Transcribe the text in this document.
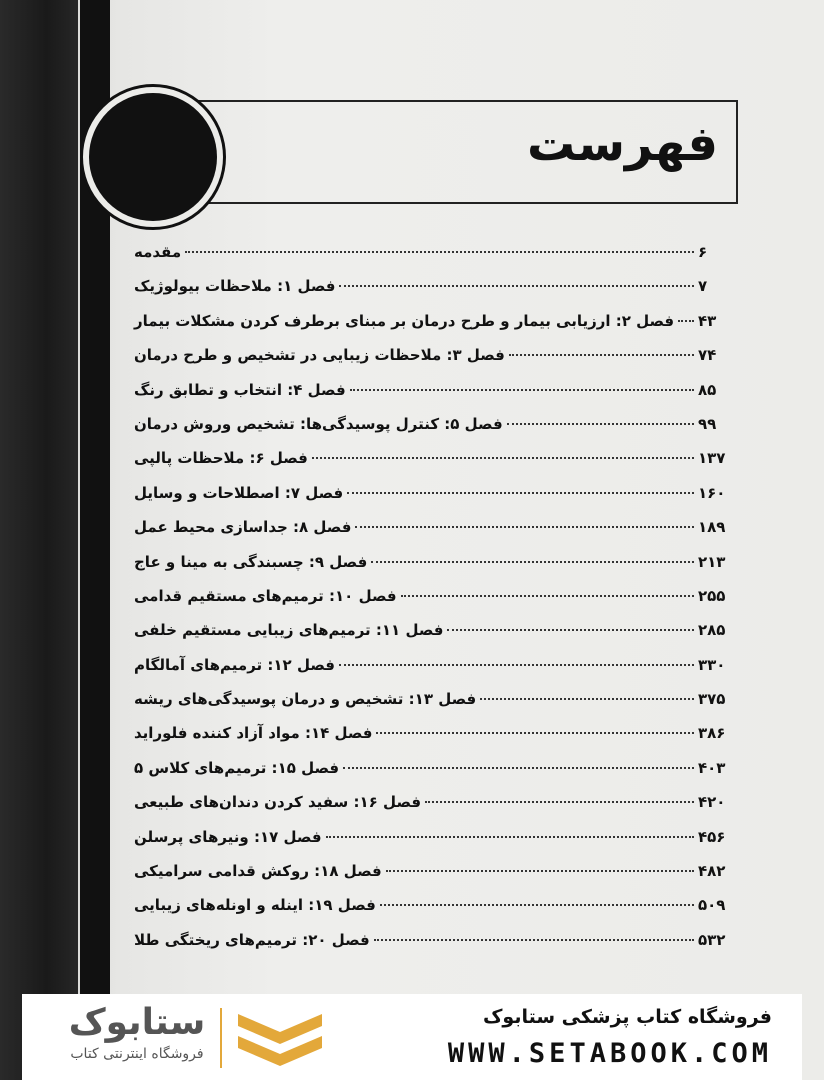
فهرست
مقدمه	۶
فصل ۱: ملاحظات بیولوژیک	۷
فصل ۲: ارزیابی بیمار و طرح درمان بر مبنای برطرف کردن مشکلات بیمار ۴۳
فصل ۳: ملاحظات زیبایی در تشخیص و طرح درمان	۷۴
فصل ۴: انتخاب و تطابق رنگ	۸۵
فصل ۵: کنترل پوسیدگی‌ها: تشخیص وروش درمان	۹۹
فصل ۶: ملاحظات پالپی	۱۳۷
فصل ۷: اصطلاحات و وسایل	۱۶۰
فصل ۸: جداسازی محیط عمل	۱۸۹
فصل ۹: چسبندگی به مینا و عاج	۲۱۳
فصل ۱۰: ترمیم‌های مستقیم قدامی	۲۵۵
فصل ۱۱: ترمیم‌های زیبایی مستقیم خلفی	۲۸۵
فصل ۱۲: ترمیم‌های آمالگام	۳۳۰
فصل ۱۳: تشخیص و درمان پوسیدگی‌های ریشه	۳۷۵
فصل ۱۴: مواد آزاد کننده فلوراید	۳۸۶
فصل ۱۵: ترمیم‌های کلاس ۵	۴۰۳
فصل ۱۶: سفید کردن دندان‌های طبیعی	۴۲۰
فصل ۱۷: ونیرهای پرسلن	۴۵۶
فصل ۱۸: روکش قدامی سرامیکی	۴۸۲
فصل ۱۹: اینله و اونله‌های زیبایی	۵۰۹
فصل ۲۰: ترمیم‌های ریختگی طلا	۵۳۲
ستابوک
فروشگاه اینترنتی کتاب
فروشگاه کتاب پزشکی ستابوک
WWW.SETABOOK.COM
